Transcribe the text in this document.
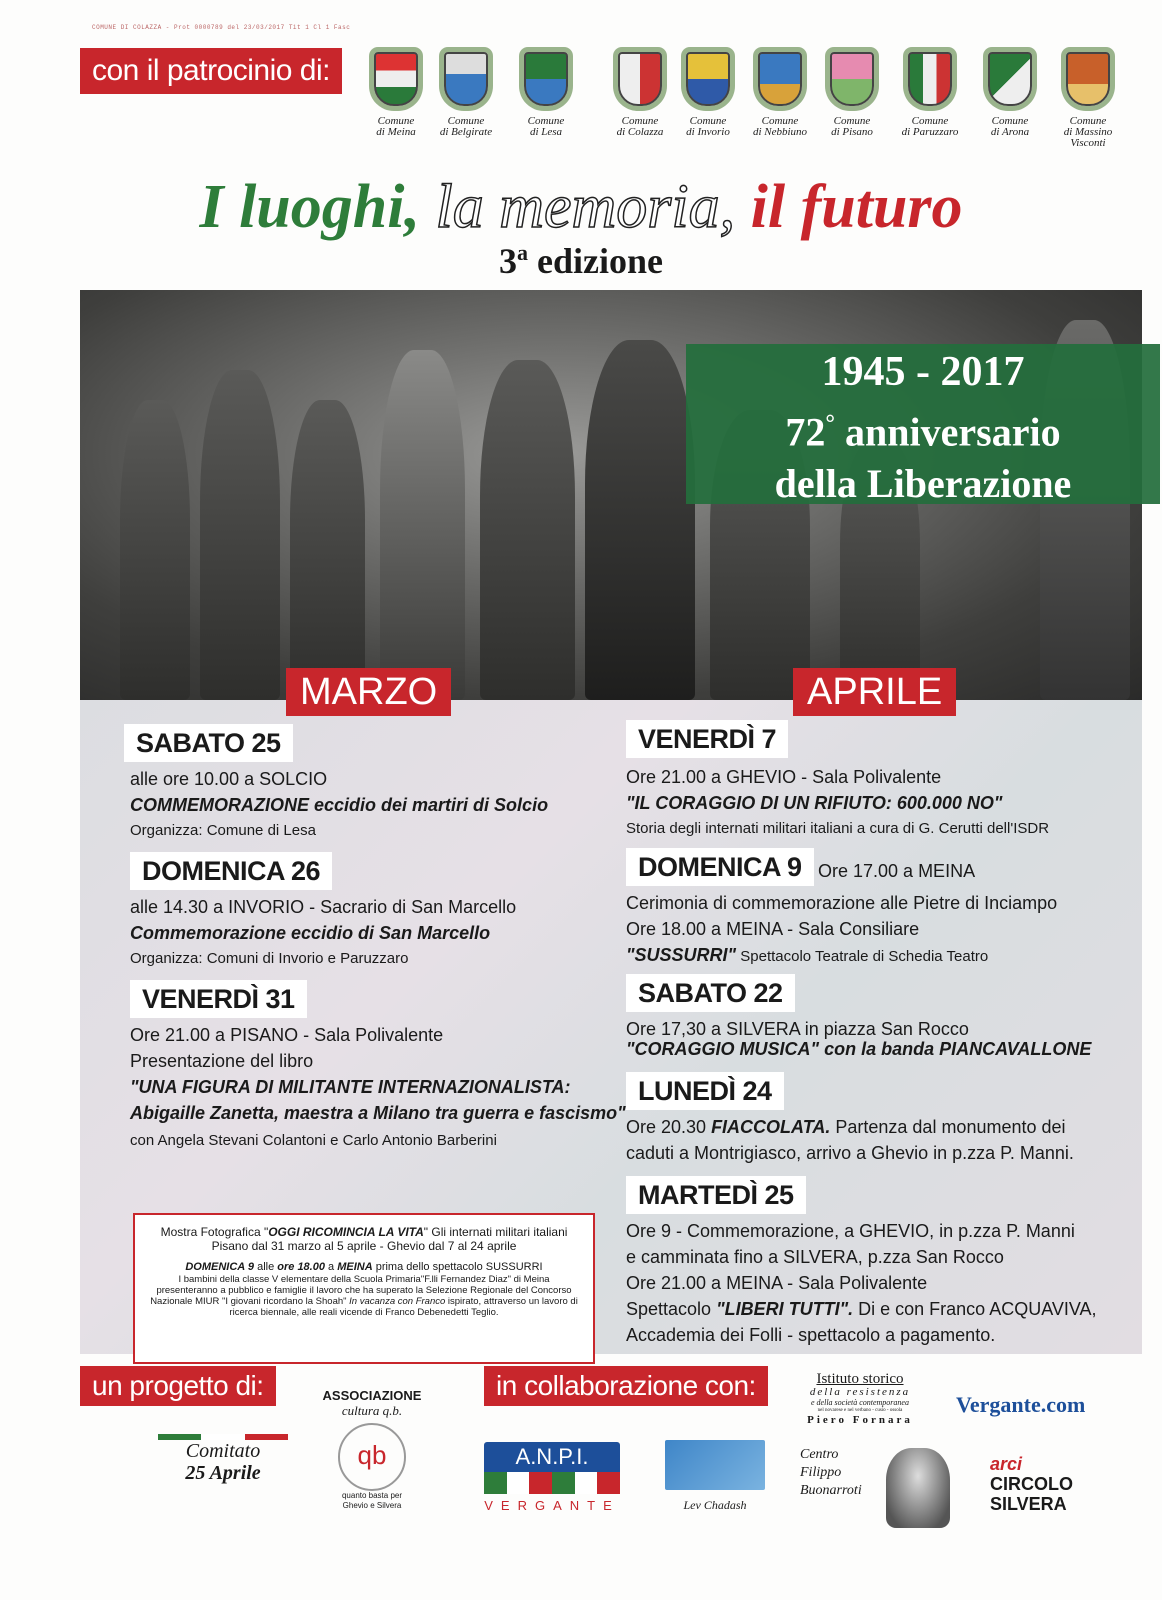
COMUNE DI COLAZZA - Prot 0000789 del 23/03/2017 Tit 1 Cl 1 Fasc
con il patrocinio di:
Comune
di Meina
Comune
di Belgirate
Comune
di Lesa
Comune
di Colazza
Comune
di Invorio
Comune
di Nebbiuno
Comune
di Pisano
Comune
di Paruzzaro
Comune
di Arona
Comune
di Massino
Visconti
I luoghi, la memoria, il futuro
3$^a$ edizione
1945 - 2017
72° anniversario
della Liberazione
MARZO	APRILE
SABATO 25
alle ore 10.00 a SOLCIO
COMMEMORAZIONE eccidio dei martiri di Solcio
Organizza: Comune di Lesa
DOMENICA 26
alle 14.30 a INVORIO - Sacrario di San Marcello
Commemorazione eccidio di San Marcello
Organizza: Comuni di Invorio e Paruzzaro
VENERDÌ 31
Ore 21.00 a PISANO - Sala Polivalente
Presentazione del libro
"UNA FIGURA DI MILITANTE INTERNAZIONALISTA:
Abigaille Zanetta, maestra a Milano tra guerra e fascismo"
con Angela Stevani Colantoni e Carlo Antonio Barberini
VENERDÌ 7
Ore 21.00 a GHEVIO - Sala Polivalente
"IL CORAGGIO DI UN RIFIUTO: 600.000 NO"
Storia degli internati militari italiani a cura di G. Cerutti dell'ISDR
DOMENICA 9 Ore 17.00 a MEINA
Cerimonia di commemorazione alle Pietre di Inciampo
Ore 18.00 a MEINA - Sala Consiliare
"SUSSURRI" Spettacolo Teatrale di Schedia Teatro
SABATO 22
Ore 17,30 a SILVERA in piazza San Rocco
"CORAGGIO MUSICA" con la banda PIANCAVALLONE
LUNEDÌ 24
Ore 20.30 FIACCOLATA. Partenza dal monumento dei
caduti a Montrigiasco, arrivo a Ghevio in p.zza P. Manni.
MARTEDÌ 25
Ore 9 - Commemorazione, a GHEVIO, in p.zza P. Manni
e camminata fino a SILVERA, p.zza San Rocco
Ore 21.00 a MEINA - Sala Polivalente
Spettacolo "LIBERI TUTTI". Di e con Franco ACQUAVIVA,
Accademia dei Folli - spettacolo a pagamento.
Mostra Fotografica "OGGI RICOMINCIA LA VITA" Gli internati militari italiani
Pisano dal 31 marzo al 5 aprile - Ghevio dal 7 al 24 aprile
DOMENICA 9 alle ore 18.00 a MEINA prima dello spettacolo SUSSURRI
I bambini della classe V elementare della Scuola Primaria"F.lli Fernandez Diaz" di Meina
presenteranno a pubblico e famiglie il lavoro che ha superato la Selezione Regionale del Concorso
Nazionale MIUR "I giovani ricordano la Shoah" In vacanza con Franco ispirato, attraverso un lavoro di
ricerca biennale, alle reali vicende di Franco Debenedetti Teglio.
un progetto di:	in collaborazione con:
Comitato
25 Aprile
ASSOCIAZIONE
cultura q.b.
qb
quanto basta per
Ghevio e Silvera
Istituto storico
della resistenza
e della società contemporanea
nel novarese e nel verbano - cusio - ossola
Piero Fornara
Vergante.com
A.N.P.I.
VERGANTE	Lev Chadash
Centro
Filippo
Buonarroti
arci
CIRCOLO
SILVERA
